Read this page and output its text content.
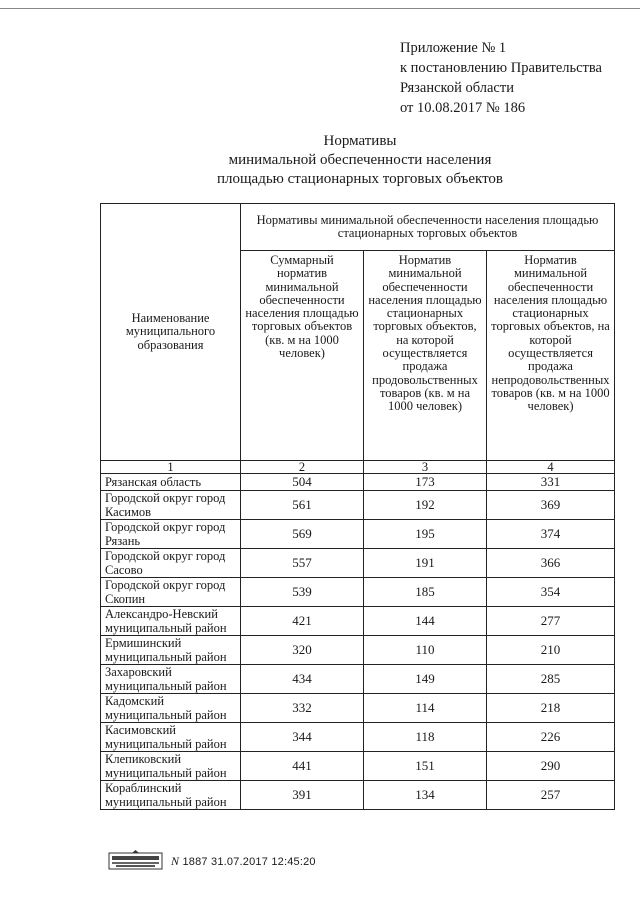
Приложение № 1
к постановлению Правительства
Рязанской области
от 10.08.2017 № 186
Нормативы
минимальной обеспеченности населения
площадью стационарных торговых объектов
Наименование муниципального образования	Нормативы минимальной обеспеченности населения площадью стационарных торговых объектов		
	Суммарный норматив минимальной обеспеченности населения площадью торговых объектов (кв. м на 1000 человек)	Норматив минимальной обеспеченности населения площадью стационарных торговых объектов, на которой осуществляется продажа продовольственных товаров (кв. м на 1000 человек)	Норматив минимальной обеспеченности населения площадью стационарных торговых объектов, на которой осуществляется продажа непродовольственных товаров (кв. м на 1000 человек)
1	2	3	4
Рязанская область	504	173	331
Городской округ город Касимов	561	192	369
Городской округ город Рязань	569	195	374
Городской округ город Сасово	557	191	366
Городской округ город Скопин	539	185	354
Александро-Невский муниципальный район	421	144	277
Ермишинский муниципальный район	320	110	210
Захаровский муниципальный район	434	149	285
Кадомский муниципальный район	332	114	218
Касимовский муниципальный район	344	118	226
Клепиковский муниципальный район	441	151	290
Кораблинский муниципальный район	391	134	257
N 1887 31.07.2017 12:45:20
